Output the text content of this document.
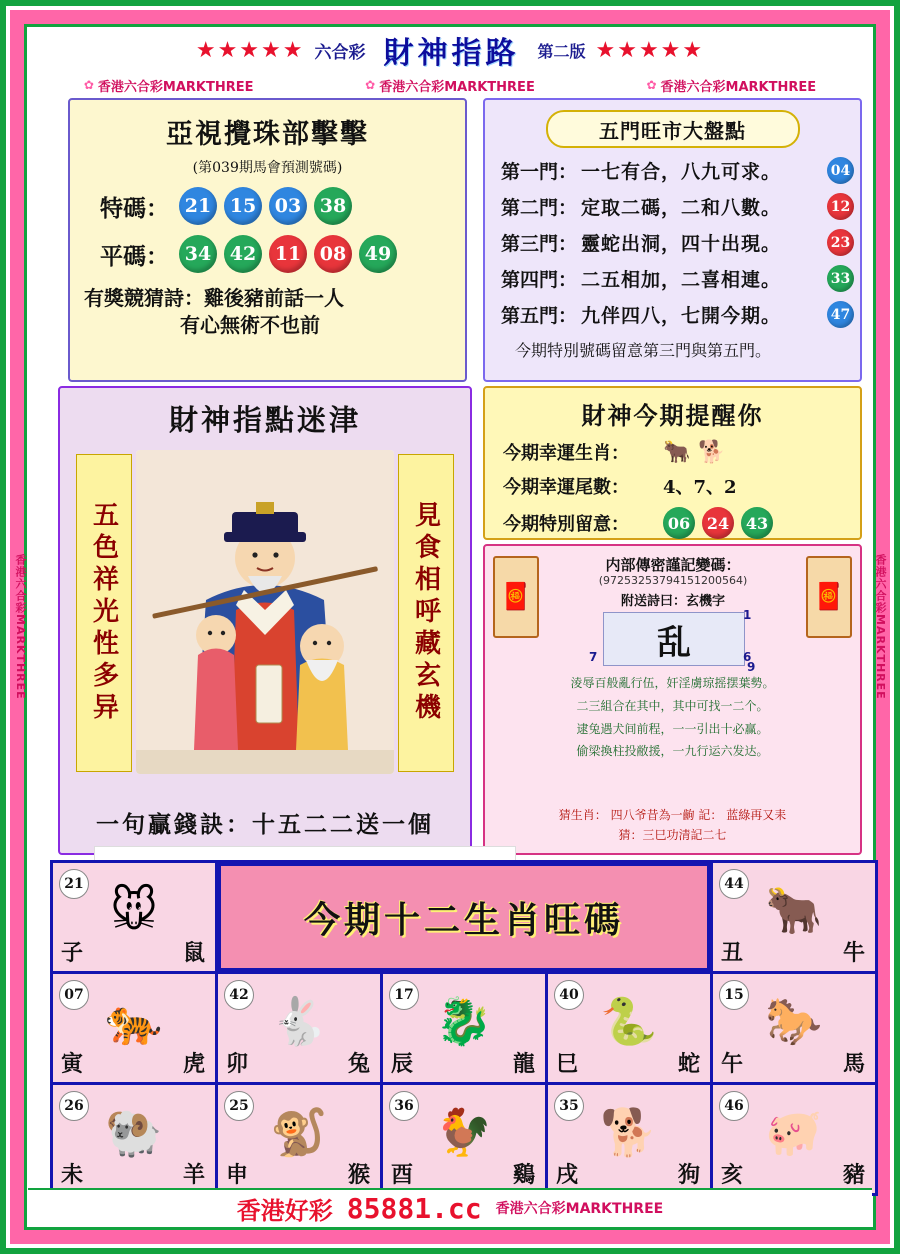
香港六合彩MARKTHREE	香港六合彩MARKTHREE
★★★★★ 六合彩 財神指路 第二版 ★★★★★
✿ 香港六合彩MARKTHREE	✿ 香港六合彩MARKTHREE	✿ 香港六合彩MARKTHREE
亞視攪珠部擊擊
(第039期馬會預測號碼)
特碼： 21 15 03 38
平碼： 34 42 11 08 49
有獎競猜詩：雞後豬前話一人
有心無術不也前
五門旺市大盤點
第一門： 一七有合，八九可求。	04
第二門： 定取二碼，二和八數。	12
第三門： 靈蛇出洞，四十出現。	23
第四門： 二五相加，二喜相連。	33
第五門： 九伴四八，七開今期。	47
今期特別號碼留意第三門與第五門。
財神指點迷津
五色祥光性多异	見食相呼藏玄機
一句贏錢訣：十五二二送一個
財神今期提醒你
今期幸運生肖：	🐂 🐕
今期幸運尾數：	4、7、2
今期特別留意：	06	24	43
🧧	🧧
内部傳密謹記變碼：
(97253253794151200564)
附送詩曰：玄機字
乱
1
6
7
9
淩辱百般亂行伍，奸淫虜琼摇摆葉勢。
二三組合在其中，其中可找一二个。
逮兔遇犬间前程，一一引出十必赢。
偷梁換柱投敝援，一九行运六发达。
猜生肖： 四八爷昔為一齣 記： 蓝綠再又耒
猜：三巳功清記二七
21 🐭
子	鼠
今期十二生肖旺碼
44 🐂
丑	牛
07 🐅
寅	虎
42 🐇
卯	兔
17 🐉
辰	龍
40 🐍
巳	蛇
15 🐎
午	馬
26 🐏
未	羊
25 🐒
申	猴
36 🐓
酉	鷄
35 🐕
戌	狗
46 🐖
亥	豬
香港好彩 85881.cc 香港六合彩MARKTHREE
